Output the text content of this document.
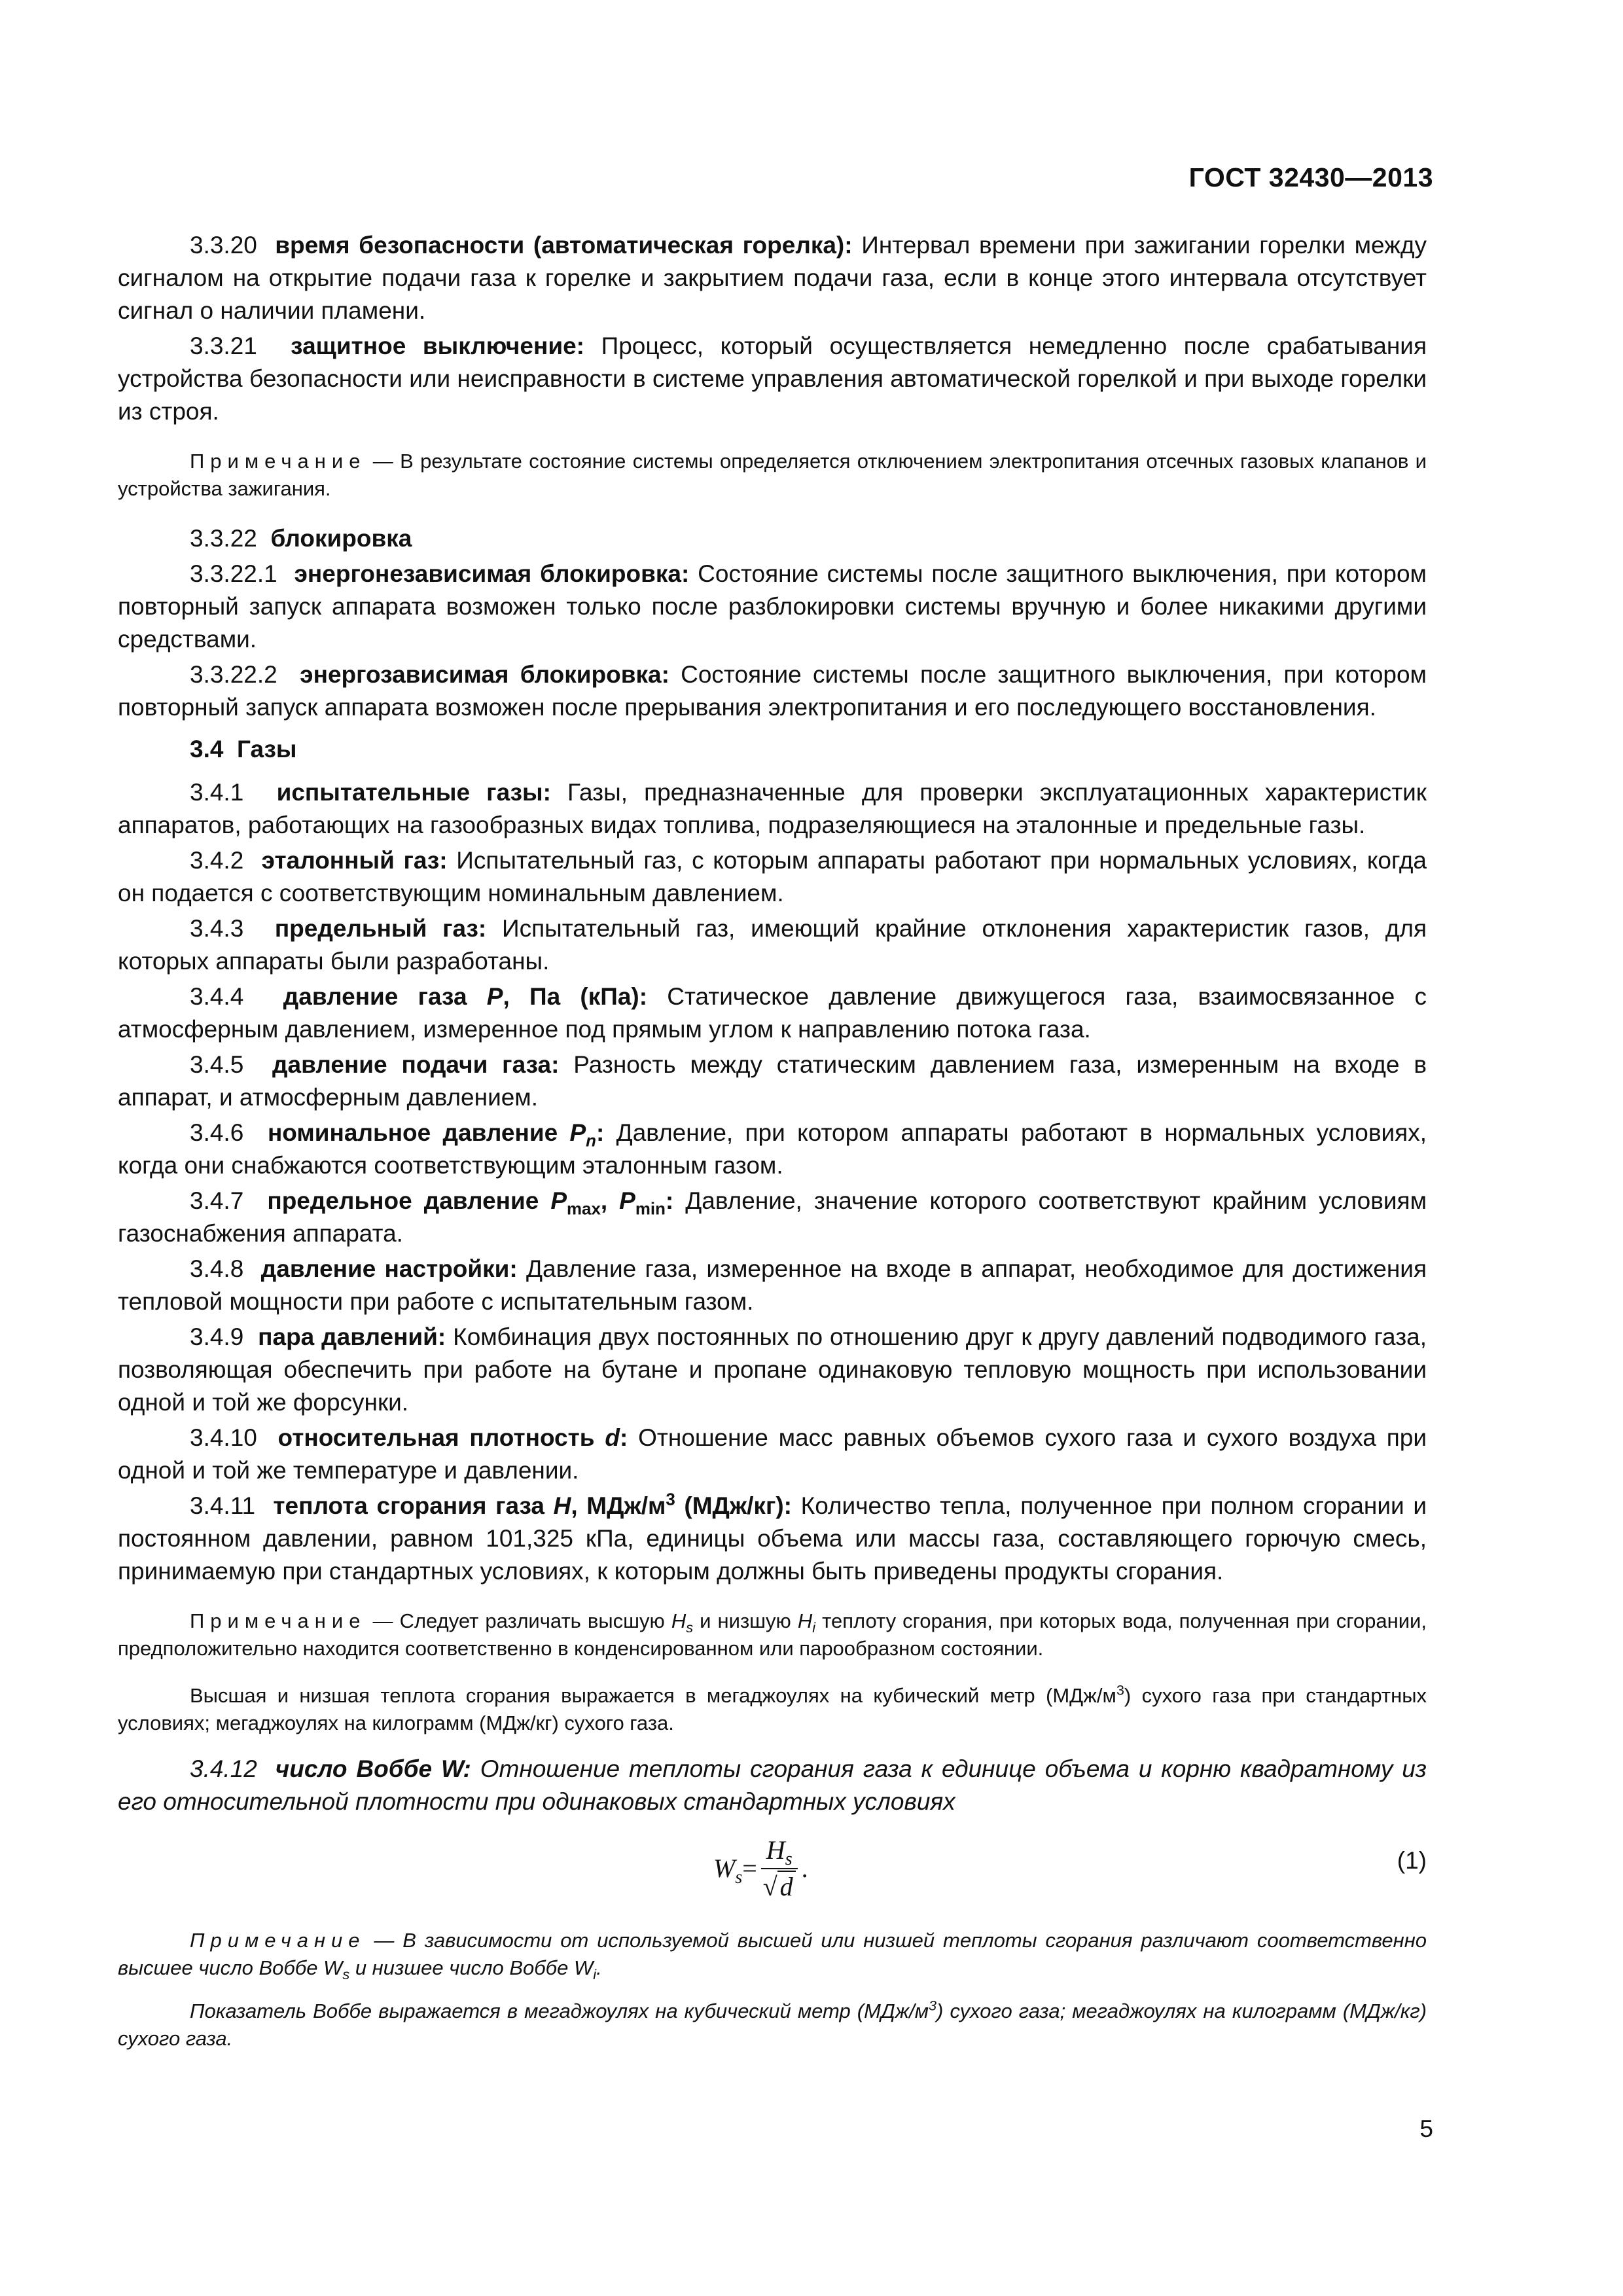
ГОСТ 32430—2013

3.3.20 время безопасности (автоматическая горелка): Интервал времени при зажигании горелки между сигналом на открытие подачи газа к горелке и закрытием подачи газа, если в конце этого интервала отсутствует сигнал о наличии пламени.

3.3.21 защитное выключение: Процесс, который осуществляется немедленно после срабатывания устройства безопасности или неисправности в системе управления автоматической горелкой и при выходе горелки из строя.

Примечание — В результате состояние системы определяется отключением электропитания отсечных газовых клапанов и устройства зажигания.

3.3.22 блокировка

3.3.22.1 энергонезависимая блокировка: Состояние системы после защитного выключения, при котором повторный запуск аппарата возможен только после разблокировки системы вручную и более никакими другими средствами.

3.3.22.2 энергозависимая блокировка: Состояние системы после защитного выключения, при котором повторный запуск аппарата возможен после прерывания электропитания и его последующего восстановления.

3.4 Газы

3.4.1 испытательные газы: Газы, предназначенные для проверки эксплуатационных характеристик аппаратов, работающих на газообразных видах топлива, подразеляющиеся на эталонные и предельные газы.

3.4.2 эталонный газ: Испытательный газ, с которым аппараты работают при нормальных условиях, когда он подается с соответствующим номинальным давлением.

3.4.3 предельный газ: Испытательный газ, имеющий крайние отклонения характеристик газов, для которых аппараты были разработаны.

3.4.4 давление газа P, Па (кПа): Статическое давление движущегося газа, взаимосвязанное с атмосферным давлением, измеренное под прямым углом к направлению потока газа.

3.4.5 давление подачи газа: Разность между статическим давлением газа, измеренным на входе в аппарат, и атмосферным давлением.

3.4.6 номинальное давление $P_n$: Давление, при котором аппараты работают в нормальных условиях, когда они снабжаются соответствующим эталонным газом.

3.4.7 предельное давление $P_{max}$, $P_{min}$: Давление, значение которого соответствуют крайним условиям газоснабжения аппарата.

3.4.8 давление настройки: Давление газа, измеренное на входе в аппарат, необходимое для достижения тепловой мощности при работе с испытательным газом.

3.4.9 пара давлений: Комбинация двух постоянных по отношению друг к другу давлений подводимого газа, позволяющая обеспечить при работе на бутане и пропане одинаковую тепловую мощность при использовании одной и той же форсунки.

3.4.10 относительная плотность d: Отношение масс равных объемов сухого газа и сухого воздуха при одной и той же температуре и давлении.

3.4.11 теплота сгорания газа H, МДж/$м^3$ (МДж/кг): Количество тепла, полученное при полном сгорании и постоянном давлении, равном 101,325 кПа, единицы объема или массы газа, составляющего горючую смесь, принимаемую при стандартных условиях, к которым должны быть приведены продукты сгорания.

Примечание — Следует различать высшую $H_s$ и низшую $H_i$ теплоту сгорания, при которых вода, полученная при сгорании, предположительно находится соответственно в конденсированном или парообразном состоянии.

Высшая и низшая теплота сгорания выражается в мегаджоулях на кубический метр $(МДж/м^3)$ сухого газа при стандартных условиях; мегаджоулях на килограмм (МДж/кг) сухого газа.

3.4.12 число Воббе W: Отношение теплоты сгорания газа к единице объема и корню квадратному из его относительной плотности при одинаковых стандартных условиях

$W_s = \frac{H_s}{√ d}$ .	(1)

Примечание — В зависимости от используемой высшей или низшей теплоты сгорания различают соответственно высшее число Воббе $W_s$ и низшее число Воббе $W_i$.

Показатель Воббе выражается в мегаджоулях на кубический метр $(МДж/м^3)$ сухого газа; мегаджоулях на килограмм (МДж/кг) сухого газа.

5
